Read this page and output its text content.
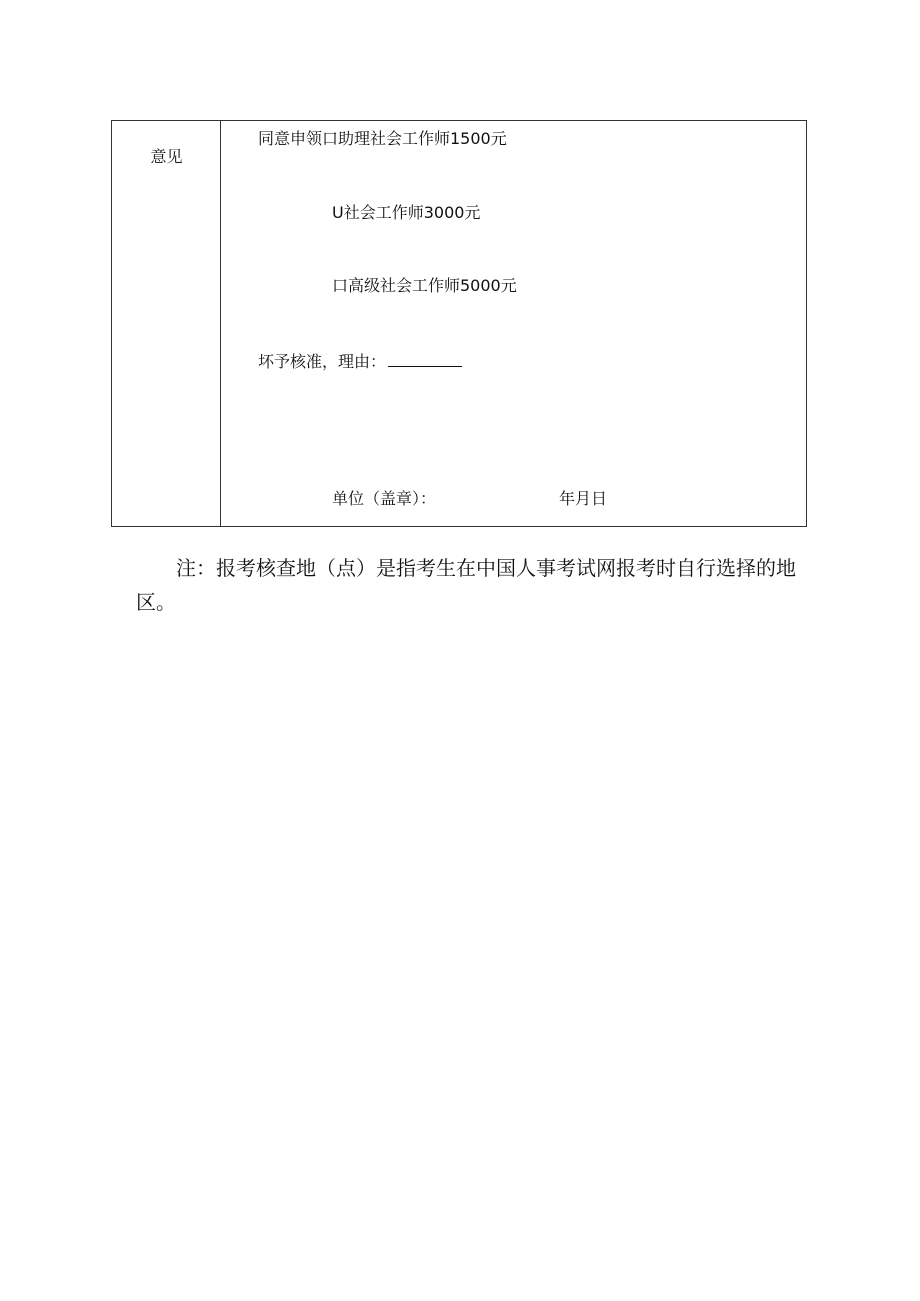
意见
同意申领口助理社会工作师1500元
U社会工作师3000元
口高级社会工作师5000元
坏予核准，理由：
单位（盖章）：	年月日
注：报考核查地（点）是指考生在中国人事考试网报考时自行选择的地区。
